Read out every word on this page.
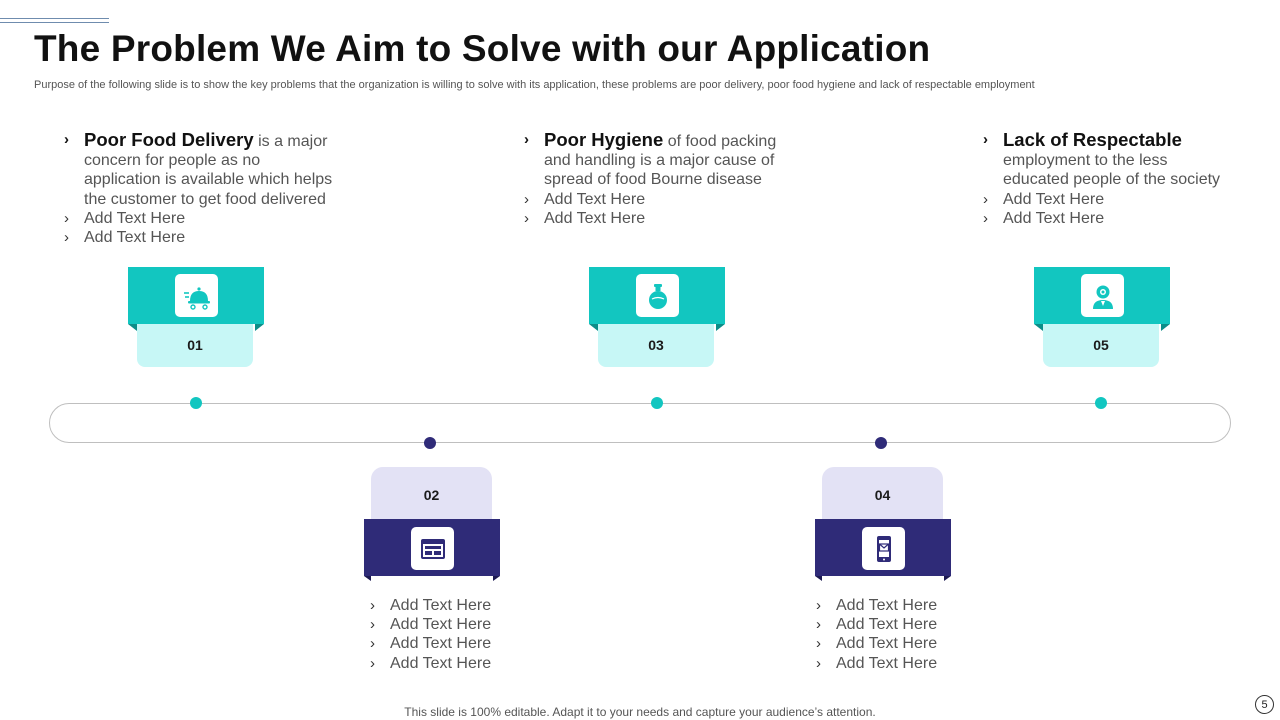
The Problem We Aim to Solve with our Application
Purpose of the following slide is to show the key problems that the organization is willing to solve with its application, these problems are poor delivery, poor food hygiene and lack of respectable employment
› Poor Food Delivery is a major
concern for people as no
application is available which helps
the customer to get food delivered
› Add Text Here
› Add Text Here
› Poor Hygiene of food packing
and handling is a major cause of
spread of food Bourne disease
› Add Text Here
› Add Text Here
› Lack of Respectable
employment to the less
educated people of the society
› Add Text Here
› Add Text Here
01	03	05
02	04
› Add Text Here
› Add Text Here
› Add Text Here
› Add Text Here
› Add Text Here
› Add Text Here
› Add Text Here
› Add Text Here
This slide is 100% editable. Adapt it to your needs and capture your audience’s attention.
5
